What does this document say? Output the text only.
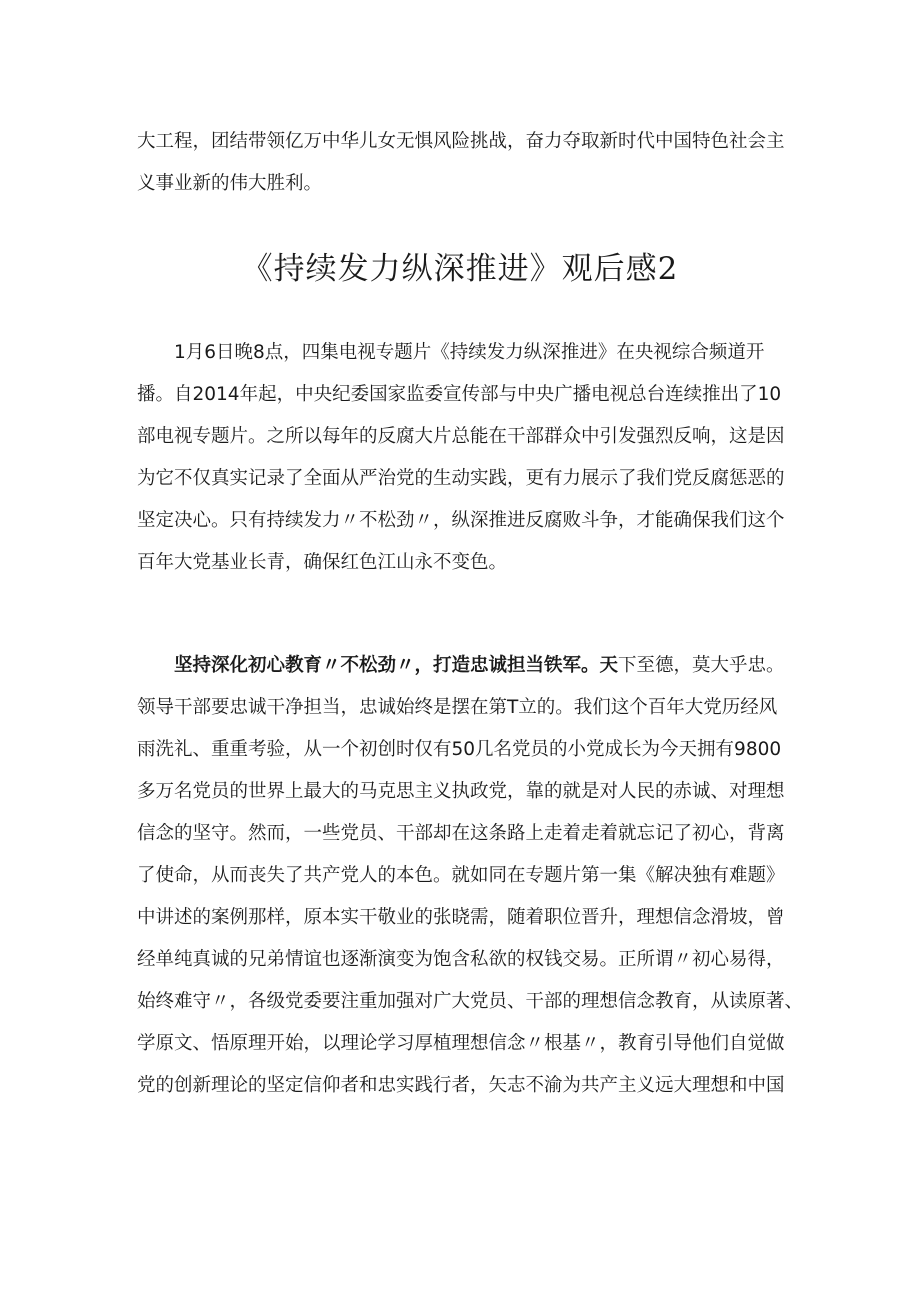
大工程，团结带领亿万中华儿女无惧风险挑战，奋力夺取新时代中国特色社会主
义事业新的伟大胜利。
《持续发力纵深推进》观后感2
1月6日晚8点，四集电视专题片《持续发力纵深推进》在央视综合频道开
播。自2014年起，中央纪委国家监委宣传部与中央广播电视总台连续推出了10
部电视专题片。之所以每年的反腐大片总能在干部群众中引发强烈反响，这是因
为它不仅真实记录了全面从严治党的生动实践，更有力展示了我们党反腐惩恶的
坚定决心。只有持续发力〃不松劲〃，纵深推进反腐败斗争，才能确保我们这个
百年大党基业长青，确保红色江山永不变色。
坚持深化初心教育〃不松劲〃，打造忠诚担当铁军。天下至德，莫大乎忠。
领导干部要忠诚干净担当，忠诚始终是摆在第T立的。我们这个百年大党历经风
雨洗礼、重重考验，从一个初创时仅有50几名党员的小党成长为今天拥有9800
多万名党员的世界上最大的马克思主义执政党，靠的就是对人民的赤诚、对理想
信念的坚守。然而，一些党员、干部却在这条路上走着走着就忘记了初心，背离
了使命，从而丧失了共产党人的本色。就如同在专题片第一集《解决独有难题》
中讲述的案例那样，原本实干敬业的张晓需，随着职位晋升，理想信念滑坡，曾
经单纯真诚的兄弟情谊也逐渐演变为饱含私欲的权钱交易。正所谓〃初心易得，
始终难守〃，各级党委要注重加强对广大党员、干部的理想信念教育，从读原著、
学原文、悟原理开始，以理论学习厚植理想信念〃根基〃，教育引导他们自觉做
党的创新理论的坚定信仰者和忠实践行者，矢志不渝为共产主义远大理想和中国
